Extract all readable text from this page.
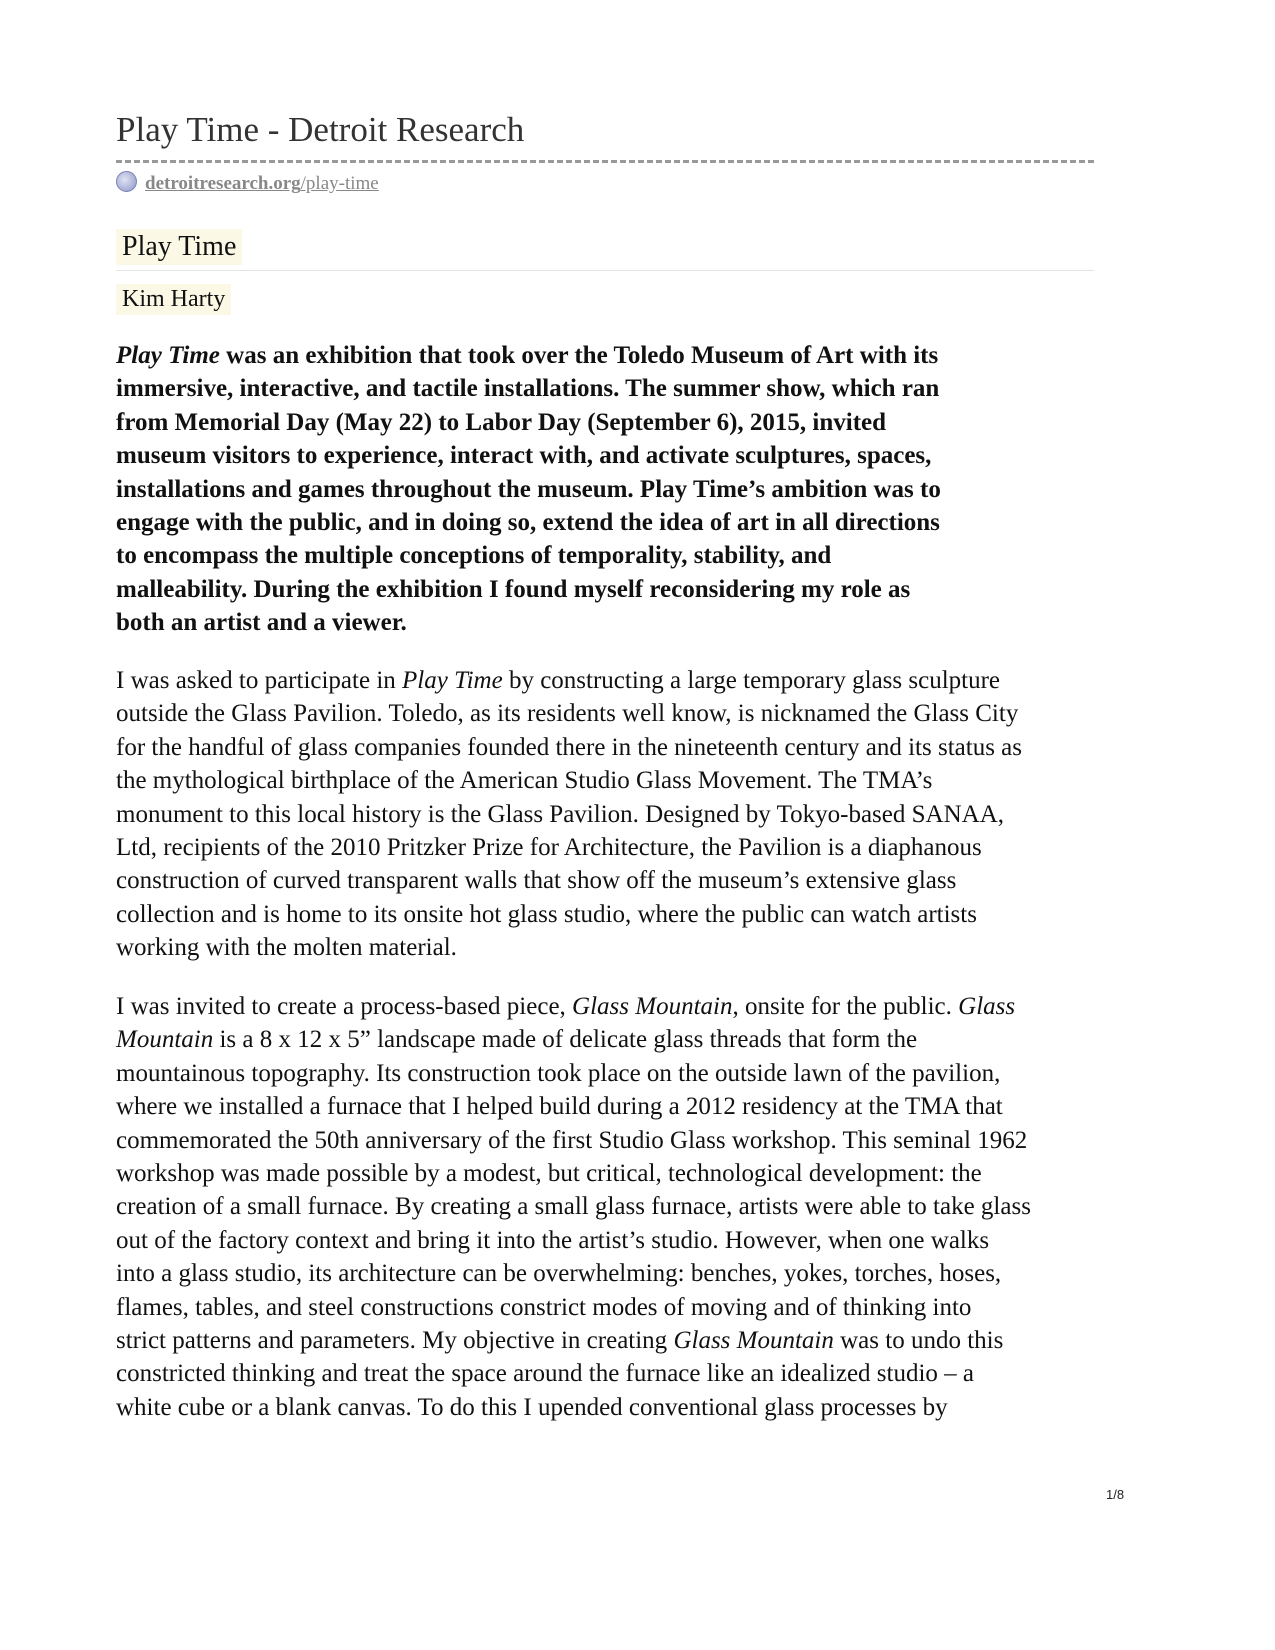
Play Time - Detroit Research
detroitresearch.org/play-time
Play Time
Kim Harty
Play Time was an exhibition that took over the Toledo Museum of Art with its
immersive, interactive, and tactile installations. The summer show, which ran
from Memorial Day (May 22) to Labor Day (September 6), 2015, invited
museum visitors to experience, interact with, and activate sculptures, spaces,
installations and games throughout the museum. Play Time’s ambition was to
engage with the public, and in doing so, extend the idea of art in all directions
to encompass the multiple conceptions of temporality, stability, and
malleability. During the exhibition I found myself reconsidering my role as
both an artist and a viewer.
I was asked to participate in Play Time by constructing a large temporary glass sculpture
outside the Glass Pavilion. Toledo, as its residents well know, is nicknamed the Glass City
for the handful of glass companies founded there in the nineteenth century and its status as
the mythological birthplace of the American Studio Glass Movement. The TMA’s
monument to this local history is the Glass Pavilion. Designed by Tokyo-based SANAA,
Ltd, recipients of the 2010 Pritzker Prize for Architecture, the Pavilion is a diaphanous
construction of curved transparent walls that show off the museum’s extensive glass
collection and is home to its onsite hot glass studio, where the public can watch artists
working with the molten material.
I was invited to create a process-based piece, Glass Mountain, onsite for the public. Glass
Mountain is a 8 x 12 x 5” landscape made of delicate glass threads that form the
mountainous topography. Its construction took place on the outside lawn of the pavilion,
where we installed a furnace that I helped build during a 2012 residency at the TMA that
commemorated the 50th anniversary of the first Studio Glass workshop. This seminal 1962
workshop was made possible by a modest, but critical, technological development: the
creation of a small furnace. By creating a small glass furnace, artists were able to take glass
out of the factory context and bring it into the artist’s studio. However, when one walks
into a glass studio, its architecture can be overwhelming: benches, yokes, torches, hoses,
flames, tables, and steel constructions constrict modes of moving and of thinking into
strict patterns and parameters. My objective in creating Glass Mountain was to undo this
constricted thinking and treat the space around the furnace like an idealized studio – a
white cube or a blank canvas. To do this I upended conventional glass processes by
1/8
